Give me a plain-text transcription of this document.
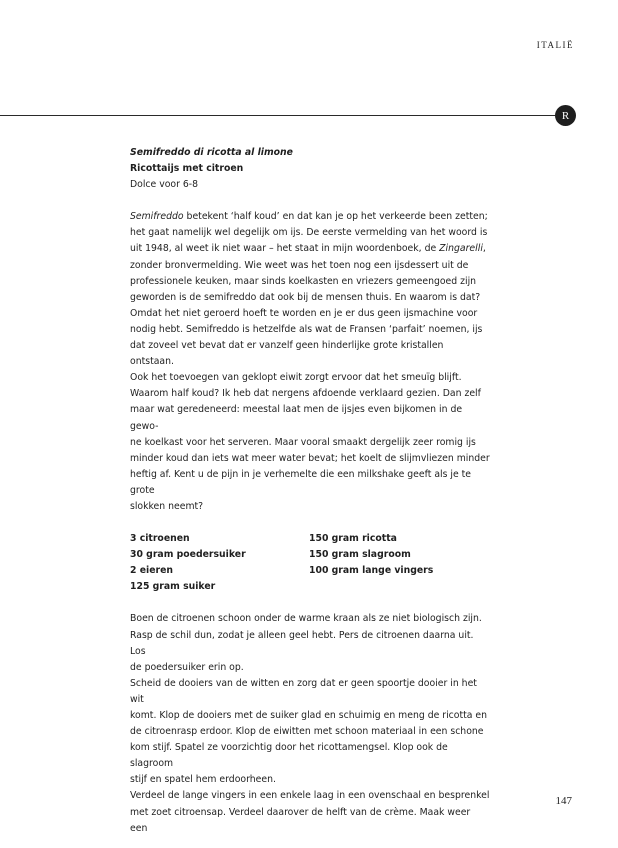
ITALIË
R

Semifreddo di ricotta al limone

Ricottaijs met citroen

Dolce voor 6-8

Semifreddo betekent ‘half koud’ en dat kan je op het verkeerde been zetten;

het gaat namelijk wel degelijk om ijs. De eerste vermelding van het woord is

uit 1948, al weet ik niet waar – het staat in mijn woordenboek, de Zingarelli,

zonder bronvermelding. Wie weet was het toen nog een ijsdessert uit de

professionele keuken, maar sinds koelkasten en vriezers gemeengoed zijn

geworden is de semifreddo dat ook bij de mensen thuis. En waarom is dat?

Omdat het niet geroerd hoeft te worden en je er dus geen ijsmachine voor

nodig hebt. Semifreddo is hetzelfde als wat de Fransen ‘parfait’ noemen, ijs

dat zoveel vet bevat dat er vanzelf geen hinderlijke grote kristallen ontstaan.

Ook het toevoegen van geklopt eiwit zorgt ervoor dat het smeuïg blijft.

Waarom half koud? Ik heb dat nergens afdoende verklaard gezien. Dan zelf

maar wat geredeneerd: meestal laat men de ijsjes even bijkomen in de gewo-

ne koelkast voor het serveren. Maar vooral smaakt dergelijk zeer romig ijs

minder koud dan iets wat meer water bevat; het koelt de slijmvliezen minder

heftig af. Kent u de pijn in je verhemelte die een milkshake geeft als je te grote

slokken neemt?

3 citroenen
30 gram poedersuiker
2 eieren
125 gram suiker
150 gram ricotta
150 gram slagroom
100 gram lange vingers

Boen de citroenen schoon onder de warme kraan als ze niet biologisch zijn.

Rasp de schil dun, zodat je alleen geel hebt. Pers de citroenen daarna uit. Los

de poedersuiker erin op.

Scheid de dooiers van de witten en zorg dat er geen spoortje dooier in het wit

komt. Klop de dooiers met de suiker glad en schuimig en meng de ricotta en

de citroenrasp erdoor. Klop de eiwitten met schoon materiaal in een schone

kom stijf. Spatel ze voorzichtig door het ricottamengsel. Klop ook de slagroom

stijf en spatel hem erdoorheen.

Verdeel de lange vingers in een enkele laag in een ovenschaal en besprenkel

met zoet citroensap. Verdeel daarover de helft van de crème. Maak weer een

147
